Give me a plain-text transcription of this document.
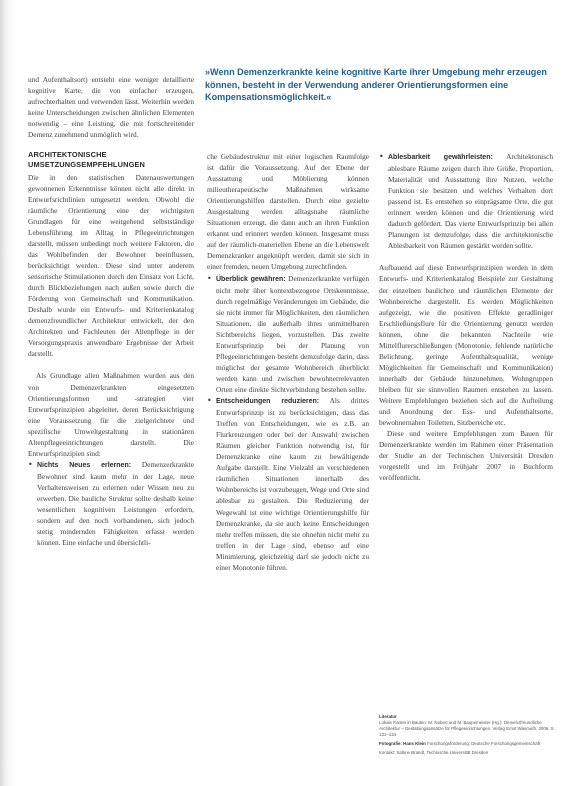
»Wenn Demenzerkrankte keine kognitive Karte ihrer Umgebung mehr erzeugen können, besteht in der Verwendung anderer Orientierungsformen eine Kompensationsmöglichkeit.«

und Aufenthaltsort) entsteht eine weniger detaillierte kognitive Karte, die von einfacher erzeugen, aufrechterhalten und verwenden lässt. Weiterhin werden keine Unterscheidungen zwischen ähnlichen Elementen notwendig – eine Leistung, die mit fortschreitender Demenz zunehmend unmöglich wird.

ARCHITEKTONISCHE UMSETZUNGSEMPFEHLUNGEN

Die in den statistischen Datenauswertungen gewonnenen Erkenntnisse können nicht alle direkt in Entwurfsrichtlinien umgesetzt werden. Obwohl die räumliche Orientierung eine der wichtigsten Grundlagen für eine weitgehend selbstständige Lebensführung im Alltag in Pflegeeinrichtungen darstellt, müssen unbedingt noch weitere Faktoren, die das Wohlbefinden der Bewohner beeinflussen, berücksichtigt werden. Diese sind unter anderem sensorische Stimulationen durch den Einsatz von Licht, durch Blickbeziehungen nach außen sowie durch die Förderung von Gemeinschaft und Kommunikation. Deshalb wurde ein Entwurfs- und Kriterienkatalog demenzfreundlicher Architektur entwickelt, der den Architekten und Fachleuten der Altenpflege in der Versorgungspraxis anwendbare Ergebnisse der Arbeit darstellt.

Als Grundlage allen Maßnahmen wurden aus den von Demenzerkrankten eingesetzten Orientierungsformen und -strategien vier Entwurfsprinzipien abgeleitet, deren Berücksichtigung eine Voraussetzung für die zielgerichtete und spezifische Umweltgestaltung in stationären Altenpflegeeinrichtungen darstellt. Die Entwurfsprinzipien sind:

• Nichts Neues erlernen: Demenzerkrankte Bewohner sind kaum mehr in der Lage, neue Verhaltensweisen zu erlernen oder Wissen neu zu erwerben. Die bauliche Struktur sollte deshalb keine wesentlichen kognitiven Leistungen erfordern, sondern auf den noch vorhandenen, sich jedoch stetig mindernden Fähigkeiten erfasst werden können. Eine einfache und übersichtli-

che Gebäudestruktur mit einer logischen Raumfolge ist dafür die Voraussetzung. Auf der Ebene der Ausstattung und Möblierung können milieutherapeutische Maßnahmen wirksame Orientierungshilfen darstellen. Durch eine gezielte Ausgestaltung werden alltagsnahe räumliche Situationen erzeugt, die dann auch an ihren Funktion erkannt und erinnert werden können. Insgesamt muss auf der räumlich-materiellen Ebene an die Lebenswelt Demenzkranker angeknüpft werden, damit sie sich in einer fremden, neuen Umgebung zurechtfinden.

• Überblick gewähren: Demenzerkrankte verfügen nicht mehr über kontextbezogene Ortskenntnisse, durch regelmäßige Veränderungen im Gebäude, die sie nicht immer für Möglichkeiten, den räumlichen Situationen, die außerhalb ihres unmittelbaren Sichtbereichs liegen, vorzustellen. Das zweite Entwurfsprinzip bei der Planung von Pflegeeinrichtungen besteht demzufolge darin, dass möglichst der gesamte Wohnbereich überblickt werden kann und zwischen bewohnerrelevanten Orten eine direkte Sichtverbindung bestehen sollte.

• Entscheidungen reduzieren: Als drittes Entwurfsprinzip ist zu berücksichtigen, dass das Treffen von Entscheidungen, wie es z.B. an Flurkreuzungen oder bei der Auswahl zwischen Räumen gleicher Funktion notwendig ist, für Demenzkranke eine kaum zu bewältigende Aufgabe darstellt. Eine Vielzahl an verschiedenen räumlichen Situationen innerhalb des Wohnbereichs ist vorzubeugen, Wege und Orte sind ablesbar zu gestalten. Die Reduzierung der Wegewahl ist eine wichtige Orientierungshilfe für Demenzkranke, da sie auch keine Entscheidungen mehr treffen müssen, die sie ohnehin nicht mehr zu treffen in der Lage sind, ebenso auf eine Minimierung, gleichzeitig darf sie jedoch nicht zu einer Monotonie führen.

• Ablesbarkeit gewährleisten: Architektonisch ablesbare Räume zeigen durch ihre Größe, Proportion, Materialität und Ausstattung ihre Nutzen, welche Funktion sie besitzen und welches Verhalten dort passend ist. Es entstehen so einprägsame Orte, die gut erinnert werden können und die Orientierung wird dadurch gefördert. Das vierte Entwurfsprinzip bei allen Planungen ist demzufolge, dass die architektonische Ablesbarkeit von Räumen gestärkt werden sollte.

Aufbauend auf diese Entwurfsprinzipien werden in dem Entwurfs- und Kriterienkatalog Beispiele zur Gestaltung der einzelnen baulichen und räumlichen Elemente der Wohnbereiche dargestellt. Es werden Möglichkeiten aufgezeigt, wie die positiven Effekte geradliniger Erschließungsflure für die Orientierung genutzt werden können, ohne die bekannten Nachteile wie Mittelflurerschließungen (Monotonie, fehlende natürliche Belichtung, geringe Aufenthaltsqualität, wenige Möglichkeiten für Gemeinschaft und Kommunikation) innerhalb der Gebäude hinzunehmen. Wohngruppen bleiben für sie sinnvollen Raumen entstehen zu lassen. Weitere Empfehlungen beziehen sich auf die Aufteilung und Anordnung der Ess- und Aufenthaltsorte, bewohnernahen Toiletten, Sitzbereiche etc.

Diese und weitere Empfehlungen zum Bauen für Demenzerkrankte werden im Rahmen einer Präsentation der Studie an der Technischen Universität Dresden vorgestellt und im Frühjahr 2007 in Buchform veröffentlicht.

Literatur
Lokale Karten in Bauten: M. Nobert und M. Baupemeister (Hg.): Demenzfreundliche Architektur – Gestaltungsansätze für Pflegeeinrichtungen. Verlag Ernst Wasmuth, 2006. S. 131–134
Fotografie: Hans Klein Forschungsförderung: Deutsche Forschungsgemeinschaft
Kontakt: Sabine Brandt, Technische Universität Dresden
